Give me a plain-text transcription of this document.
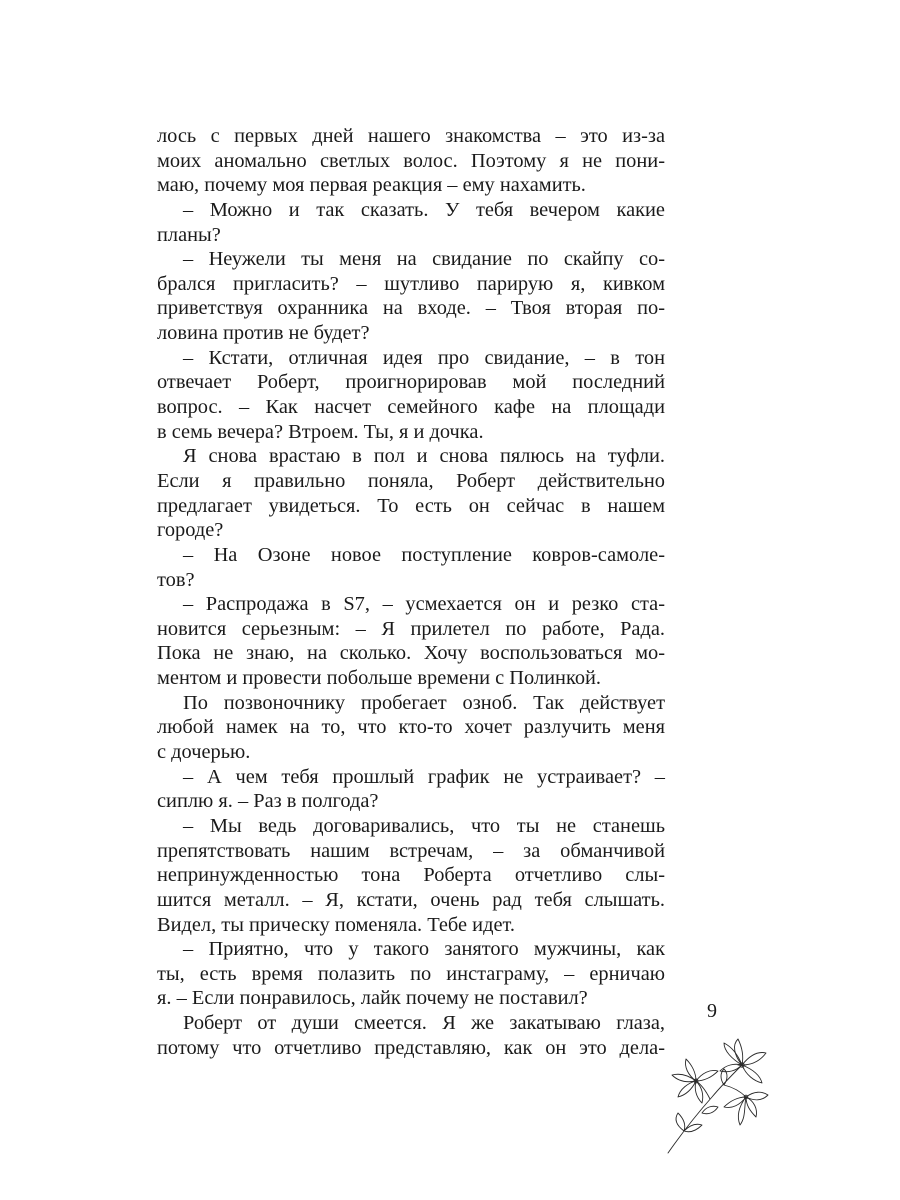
лось с первых дней нашего знакомства – это из-за
моих аномально светлых волос. Поэтому я не пони-
маю, почему моя первая реакция – ему нахамить.
– Можно и так сказать. У тебя вечером какие
планы?
– Неужели ты меня на свидание по скайпу со-
брался пригласить? – шутливо парирую я, кивком
приветствуя охранника на входе. – Твоя вторая по-
ловина против не будет?
– Кстати, отличная идея про свидание, – в тон
отвечает Роберт, проигнорировав мой последний
вопрос. – Как насчет семейного кафе на площади
в семь вечера? Втроем. Ты, я и дочка.
Я снова врастаю в пол и снова пялюсь на туфли.
Если я правильно поняла, Роберт действительно
предлагает увидеться. То есть он сейчас в нашем
городе?
– На Озоне новое поступление ковров-самоле-
тов?
– Распродажа в S7, – усмехается он и резко ста-
новится серьезным: – Я прилетел по работе, Рада.
Пока не знаю, на сколько. Хочу воспользоваться мо-
ментом и провести побольше времени с Полинкой.
По позвоночнику пробегает озноб. Так действует
любой намек на то, что кто-то хочет разлучить меня
с дочерью.
– А чем тебя прошлый график не устраивает? –
сиплю я. – Раз в полгода?
– Мы ведь договаривались, что ты не станешь
препятствовать нашим встречам, – за обманчивой
непринужденностью тона Роберта отчетливо слы-
шится металл. – Я, кстати, очень рад тебя слышать.
Видел, ты прическу поменяла. Тебе идет.
– Приятно, что у такого занятого мужчины, как
ты, есть время полазить по инстаграму, – ерничаю
я. – Если понравилось, лайк почему не поставил?
Роберт от души смеется. Я же закатываю глаза,
потому что отчетливо представляю, как он это дела-
9
